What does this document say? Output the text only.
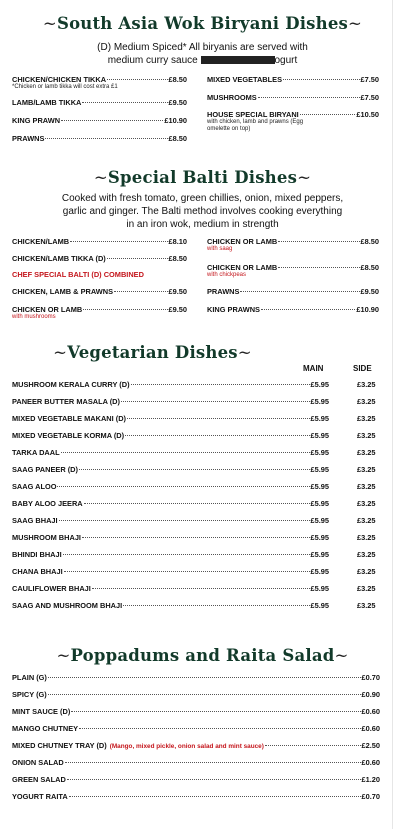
~South Asia Wok Biryani Dishes~
(D) Medium Spiced* All biryanis are served with
medium curry sauce	ogurt
CHICKEN/CHICKEN TIKKA	£8.50
*Chicken or lamb tikka will cost extra £1
LAMB/LAMB TIKKA	£9.50
KING PRAWN	£10.90
PRAWNS	£8.50
MIXED VEGETABLES	£7.50
MUSHROOMS	£7.50
HOUSE SPECIAL BIRYANI	£10.50
with chicken, lamb and prawns (Egg
omelette on top)
~Special Balti Dishes~
Cooked with fresh tomato, green chillies, onion, mixed peppers,
garlic and ginger. The Balti method involves cooking everything
in an iron wok, medium in strength
CHICKEN/LAMB	£8.10
CHICKEN/LAMB TIKKA (D)	£8.50
CHEF SPECIAL BALTI (D) COMBINED
CHICKEN, LAMB & PRAWNS	£9.50
CHICKEN OR LAMB	£9.50
with mushrooms
CHICKEN OR LAMB	£8.50
with saag
CHICKEN OR LAMB	£8.50
with chickpeas
PRAWNS	£9.50
KING PRAWNS	£10.90
~Vegetarian Dishes~
MAIN	SIDE
MUSHROOM KERALA CURRY (D)	£5.95	£3.25
PANEER BUTTER MASALA (D)	£5.95	£3.25
MIXED VEGETABLE MAKANI (D)	£5.95	£3.25
MIXED VEGETABLE KORMA (D)	£5.95	£3.25
TARKA DAAL	£5.95	£3.25
SAAG PANEER (D)	£5.95	£3.25
SAAG ALOO	£5.95	£3.25
BABY ALOO JEERA	£5.95	£3.25
SAAG BHAJI	£5.95	£3.25
MUSHROOM BHAJI	£5.95	£3.25
BHINDI BHAJI	£5.95	£3.25
CHANA BHAJI	£5.95	£3.25
CAULIFLOWER BHAJI	£5.95	£3.25
SAAG AND MUSHROOM BHAJI	£5.95	£3.25
~Poppadums and Raita Salad~
PLAIN (G)	£0.70
SPICY (G)	£0.90
MINT SAUCE (D)	£0.60
MANGO CHUTNEY	£0.60
MIXED CHUTNEY TRAY (D) (Mango, mixed pickle, onion salad and mint sauce)	£2.50
ONION SALAD	£0.60
GREEN SALAD	£1.20
YOGURT RAITA	£0.70
